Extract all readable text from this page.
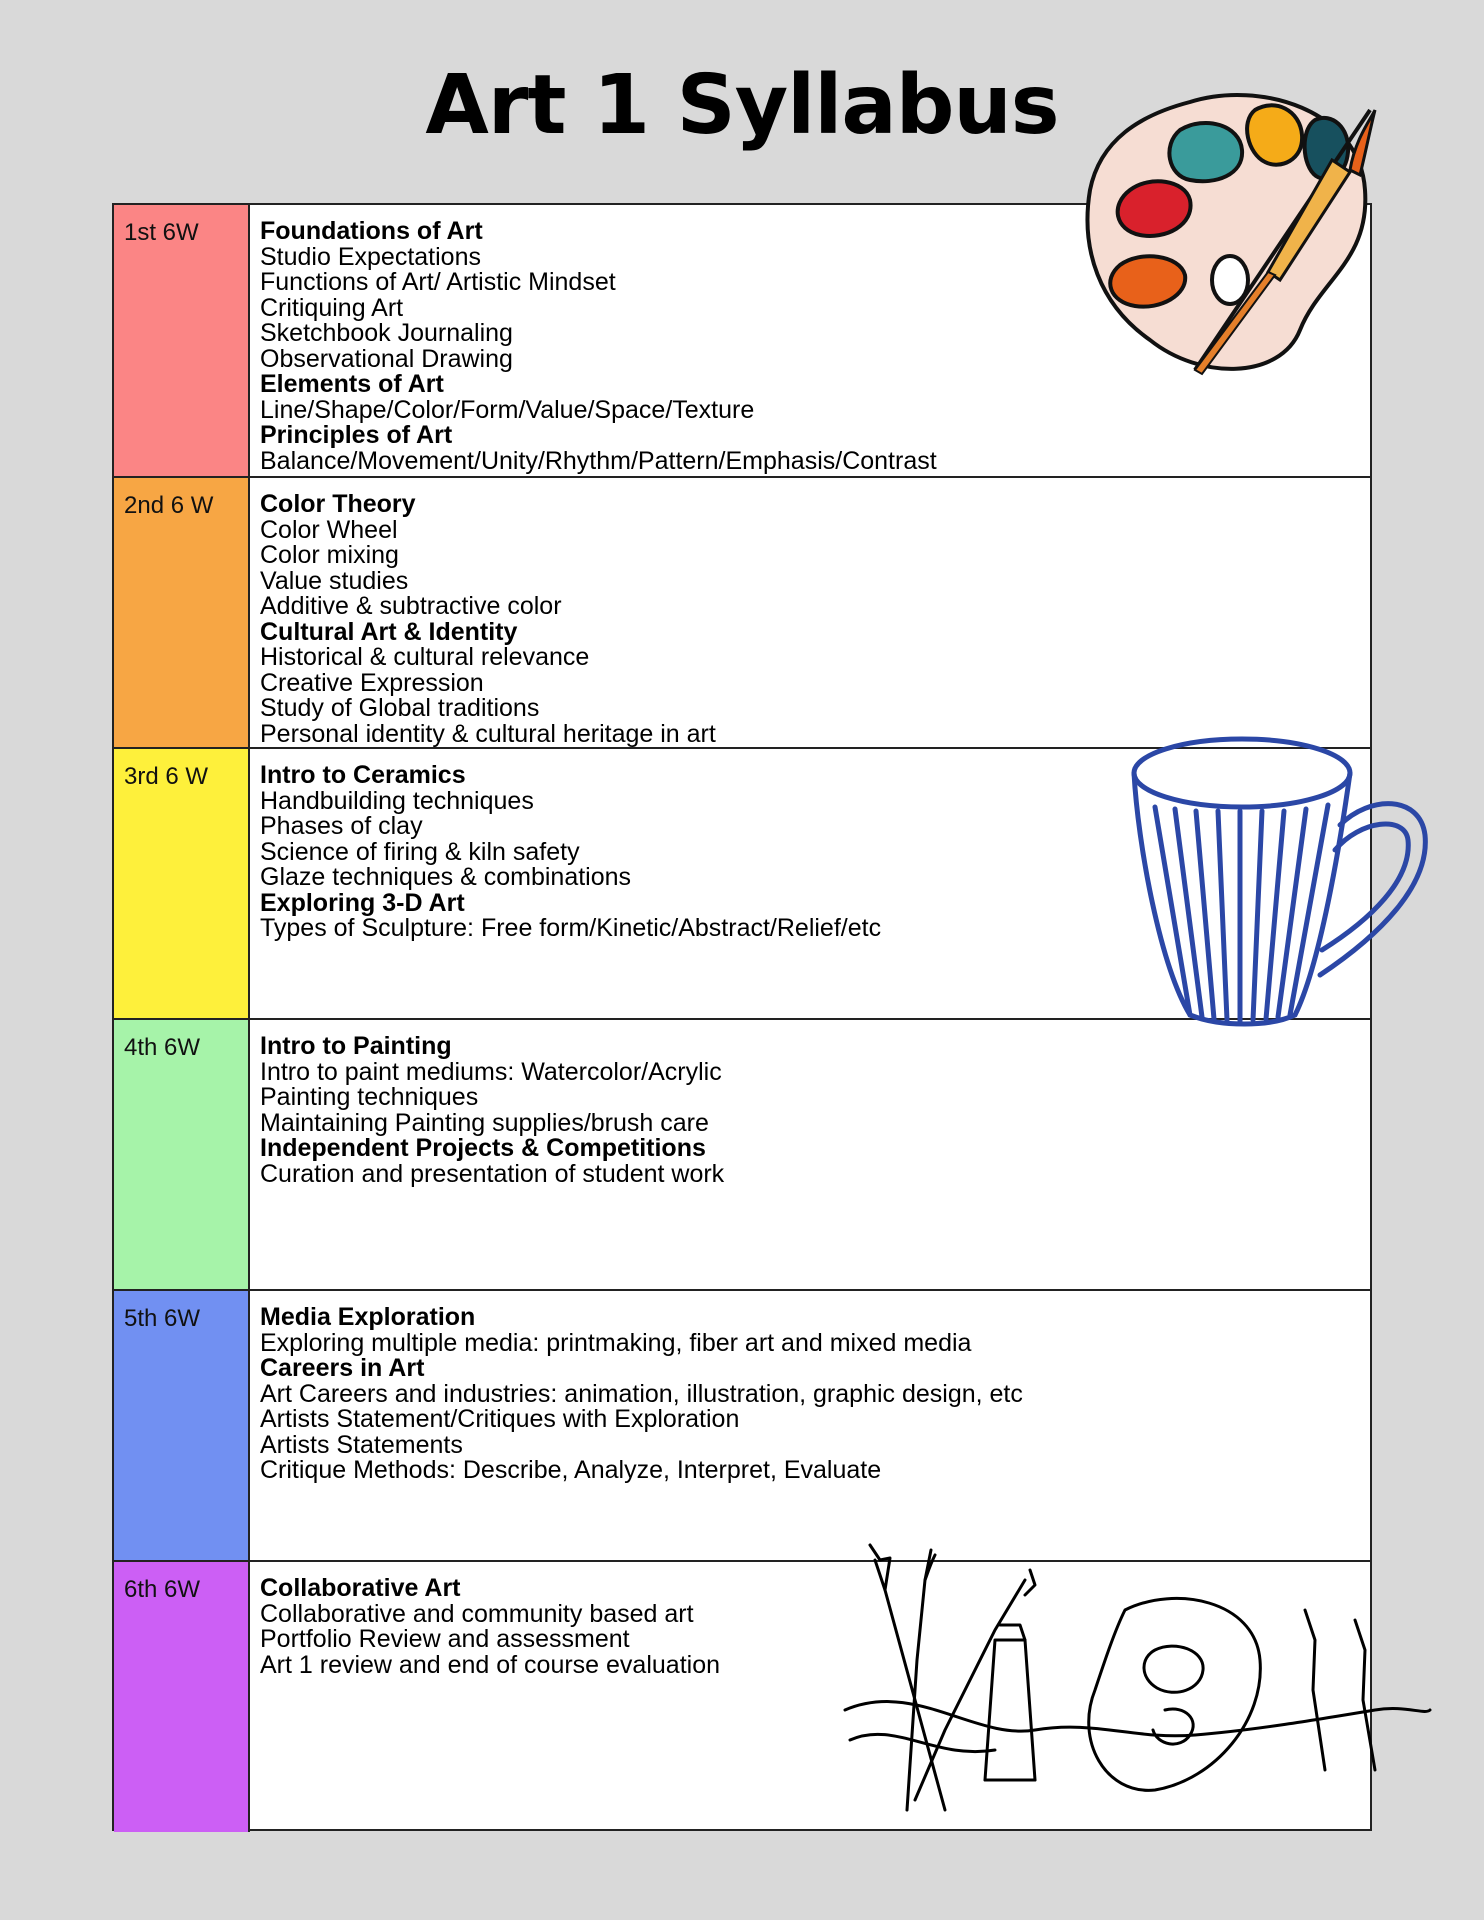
Art 1 Syllabus
1st 6W	Foundations of Art
Studio Expectations
Functions of Art/ Artistic Mindset
Critiquing Art
Sketchbook Journaling
Observational Drawing
Elements of Art
Line/Shape/Color/Form/Value/Space/Texture
Principles of Art
Balance/Movement/Unity/Rhythm/Pattern/Emphasis/Contrast
2nd 6 W	Color Theory
Color Wheel
Color mixing
Value studies
Additive & subtractive color
Cultural Art & Identity
Historical & cultural relevance
Creative Expression
Study of Global traditions
Personal identity & cultural heritage in art
3rd 6 W	Intro to Ceramics
Handbuilding techniques
Phases of clay
Science of firing & kiln safety
Glaze techniques & combinations
Exploring 3-D Art
Types of Sculpture: Free form/Kinetic/Abstract/Relief/etc
4th 6W	Intro to Painting
Intro to paint mediums: Watercolor/Acrylic
Painting techniques
Maintaining Painting supplies/brush care
Independent Projects & Competitions
Curation and presentation of student work
5th 6W	Media Exploration
Exploring multiple media: printmaking, fiber art and mixed media
Careers in Art
Art Careers and industries: animation, illustration, graphic design, etc
Artists Statement/Critiques with Exploration
Artists Statements
Critique Methods: Describe, Analyze, Interpret, Evaluate
6th 6W	Collaborative Art
Collaborative and community based art
Portfolio Review and assessment
Art 1 review and end of course evaluation
